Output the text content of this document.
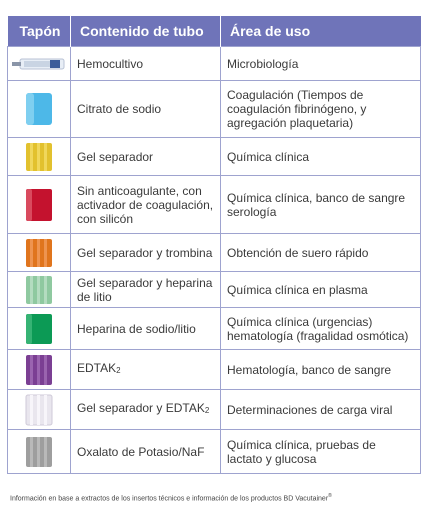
Tapón	Contenido de tubo	Área de uso

	Hemocultivo	Microbiología

	Citrato de sodio	Coagulación (Tiempos de coagulación fibrinógeno, y agregación plaquetaria)

	Gel separador	Química clínica

	Sin anticoagulante, con activador de coagulación, con silicón	Química clínica, banco de sangre serología

	Gel separador y trombina	Obtención de suero rápido

	Gel separador y heparina de litio	Química clínica en plasma

	Heparina de sodio/litio	Química clínica (urgencias) hematología (fragalidad osmótica)

	$EDTAK_2$	Hematología, banco de sangre

	Gel separador y $EDTAK_2$	Determinaciones de carga viral

	Oxalato de Potasio/NaF	Química clínica, pruebas de lactato y glucosa
Información en base a extractos de los insertos técnicos e información de los productos BD Vacutainer®
